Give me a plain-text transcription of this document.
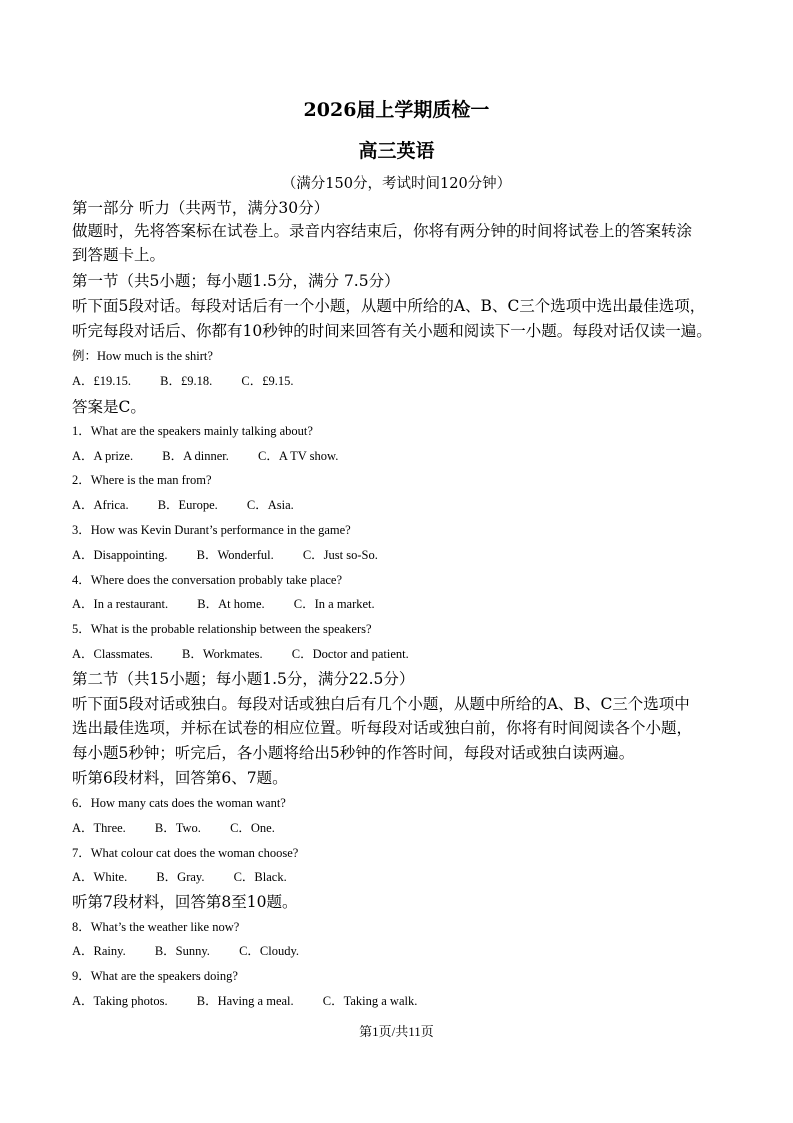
2026届上学期质检一
高三英语
（满分150分，考试时间120分钟）
第一部分 听力（共两节，满分30分）
做题时，先将答案标在试卷上。录音内容结束后，你将有两分钟的时间将试卷上的答案转涂
到答题卡上。
第一节（共5小题；每小题1.5分，满分 7.5分）
听下面5段对话。每段对话后有一个小题，从题中所给的A、B、C三个选项中选出最佳选项，
听完每段对话后、你都有10秒钟的时间来回答有关小题和阅读下一小题。每段对话仅读一遍。
例：How much is the shirt?
A．£19.15. B．£9.18. C．£9.15.
答案是C。
1．What are the speakers mainly talking about?
A．A prize. B．A dinner. C．A TV show.
2．Where is the man from?
A．Africa. B．Europe. C．Asia.
3．How was Kevin Durant’s performance in the game?
A．Disappointing. B．Wonderful. C．Just so-So.
4．Where does the conversation probably take place?
A．In a restaurant. B．At home. C．In a market.
5．What is the probable relationship between the speakers?
A．Classmates. B．Workmates. C．Doctor and patient.
第二节（共15小题；每小题1.5分，满分22.5分）
听下面5段对话或独白。每段对话或独白后有几个小题，从题中所给的A、B、C三个选项中
选出最佳选项，并标在试卷的相应位置。听每段对话或独白前，你将有时间阅读各个小题，
每小题5秒钟；听完后，各小题将给出5秒钟的作答时间，每段对话或独白读两遍。
听第6段材料，回答第6、7题。
6．How many cats does the woman want?
A．Three. B．Two. C．One.
7．What colour cat does the woman choose?
A．White. B．Gray. C．Black.
听第7段材料，回答第8至10题。
8．What’s the weather like now?
A．Rainy. B．Sunny. C．Cloudy.
9．What are the speakers doing?
A．Taking photos. B．Having a meal. C．Taking a walk.
第1页/共11页
